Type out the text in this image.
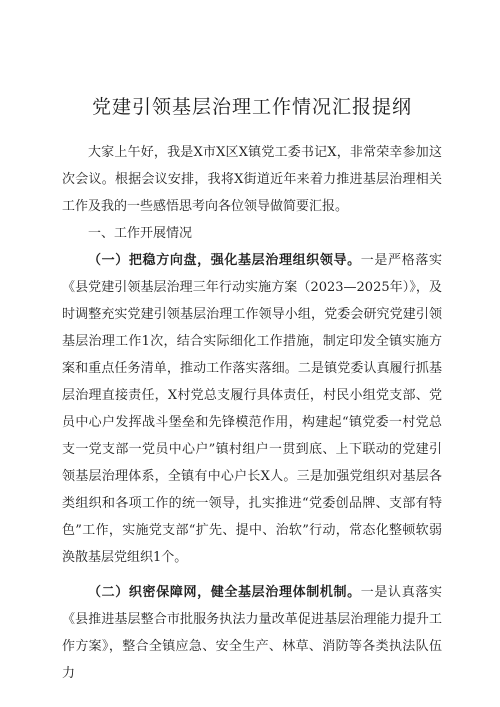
党建引领基层治理工作情况汇报提纲

大家上午好，我是X市X区X镇党工委书记X，非常荣幸参加这次会议。根据会议安排，我将X街道近年来着力推进基层治理相关工作及我的一些感悟思考向各位领导做简要汇报。

一、工作开展情况

（一）把稳方向盘，强化基层治理组织领导。一是严格落实《县党建引领基层治理三年行动实施方案（2023—2025年）》，及时调整充实党建引领基层治理工作领导小组，党委会研究党建引领基层治理工作1次，结合实际细化工作措施，制定印发全镇实施方案和重点任务清单，推动工作落实落细。二是镇党委认真履行抓基层治理直接责任，X村党总支履行具体责任，村民小组党支部、党员中心户发挥战斗堡垒和先锋模范作用，构建起“镇党委一村党总支一党支部一党员中心户”镇村组户一贯到底、上下联动的党建引领基层治理体系，全镇有中心户长X人。三是加强党组织对基层各类组织和各项工作的统一领导，扎实推进“党委创品牌、支部有特色”工作，实施党支部“扩先、提中、治软”行动，常态化整顿软弱涣散基层党组织1个。

（二）织密保障网，健全基层治理体制机制。一是认真落实《县推进基层整合市批服务执法力量改革促进基层治理能力提升工作方案》，整合全镇应急、安全生产、林草、消防等各类执法队伍力
